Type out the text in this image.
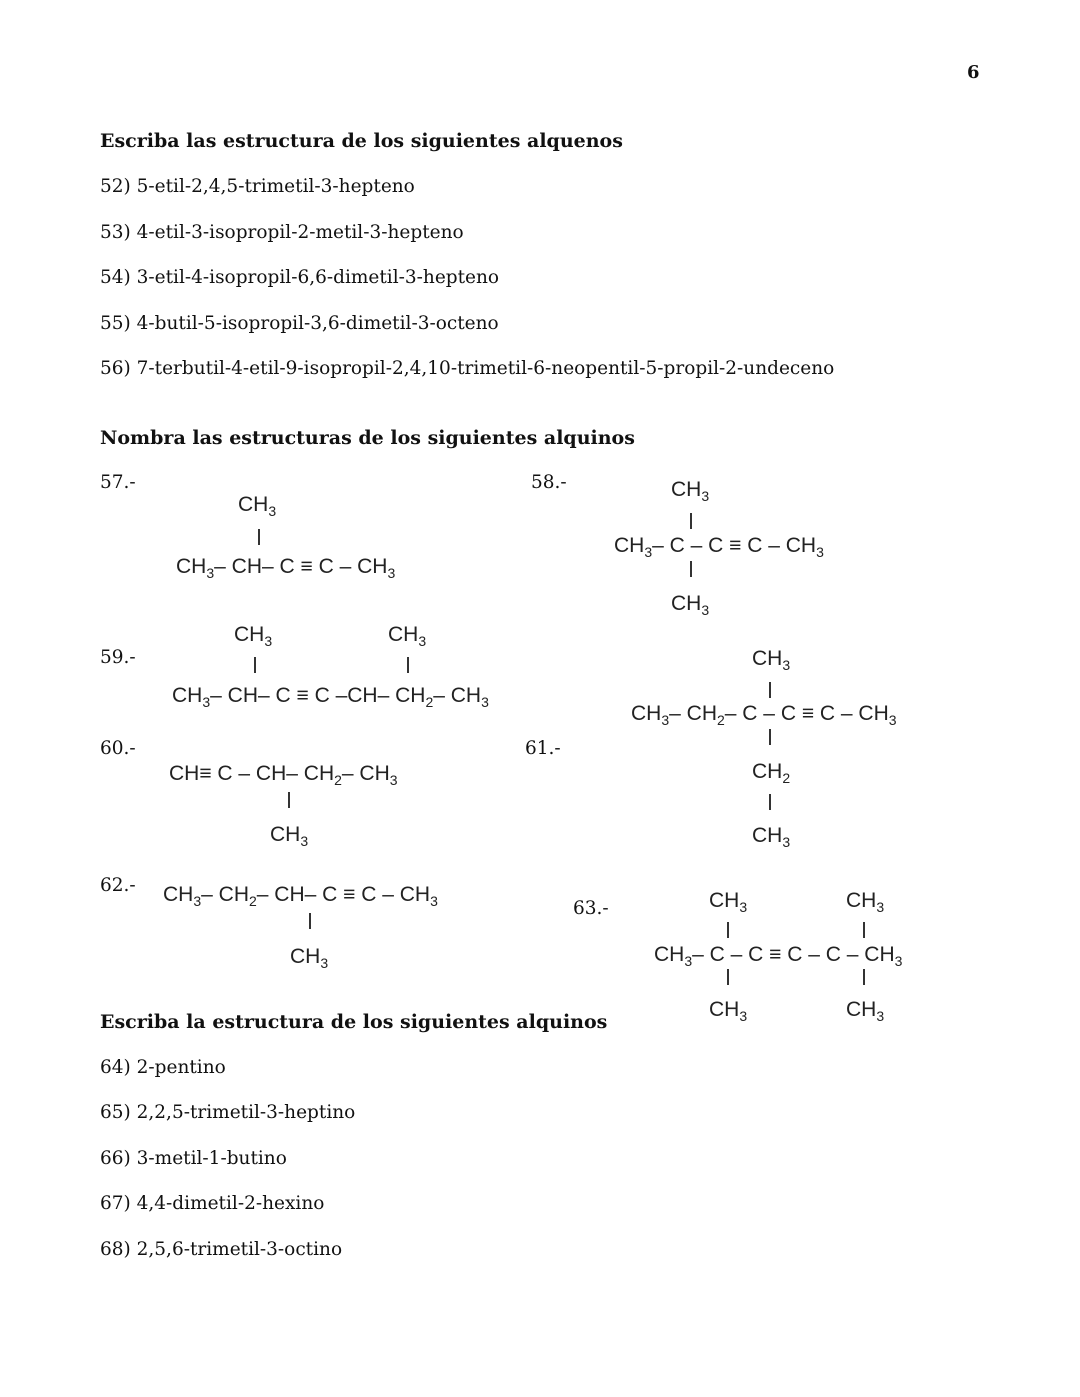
6
Escriba las estructura de los siguientes alquenos
52) 5-etil-2,4,5-trimetil-3-hepteno
53) 4-etil-3-isopropil-2-metil-3-hepteno
54) 3-etil-4-isopropil-6,6-dimetil-3-hepteno
55) 4-butil-5-isopropil-3,6-dimetil-3-octeno
56) 7-terbutil-4-etil-9-isopropil-2,4,10-trimetil-6-neopentil-5-propil-2-undeceno
Nombra las estructuras de los siguientes alquinos
57.-
$CH_3$
$CH_3-$ CH– $C \equiv C - CH_3$
58.-	$CH_3$
$CH_3-$ $C - C \equiv C - CH_3$
$CH_3$
59.-
$CH_3$	$CH_3$
$CH_3-$ CH– C ≡ C –CH– $CH_2-$ $CH_3$
60.-
CH≡ C – CH– $CH_2-$ $CH_3$
$CH_3$
61.-
$CH_3$
$CH_3-$ $CH_2-$ $C - C \equiv C - CH_3$
$CH_2$
$CH_3$
62.- $CH_3-$ $CH_2-$ CH– $C \equiv C - CH_3$
$CH_3$
63.-	$CH_3$	$CH_3$
$CH_3-$ $C - C \equiv C - C - CH_3$
$CH_3$	$CH_3$
Escriba la estructura de los siguientes alquinos
64) 2-pentino
65) 2,2,5-trimetil-3-heptino
66) 3-metil-1-butino
67) 4,4-dimetil-2-hexino
68) 2,5,6-trimetil-3-octino
